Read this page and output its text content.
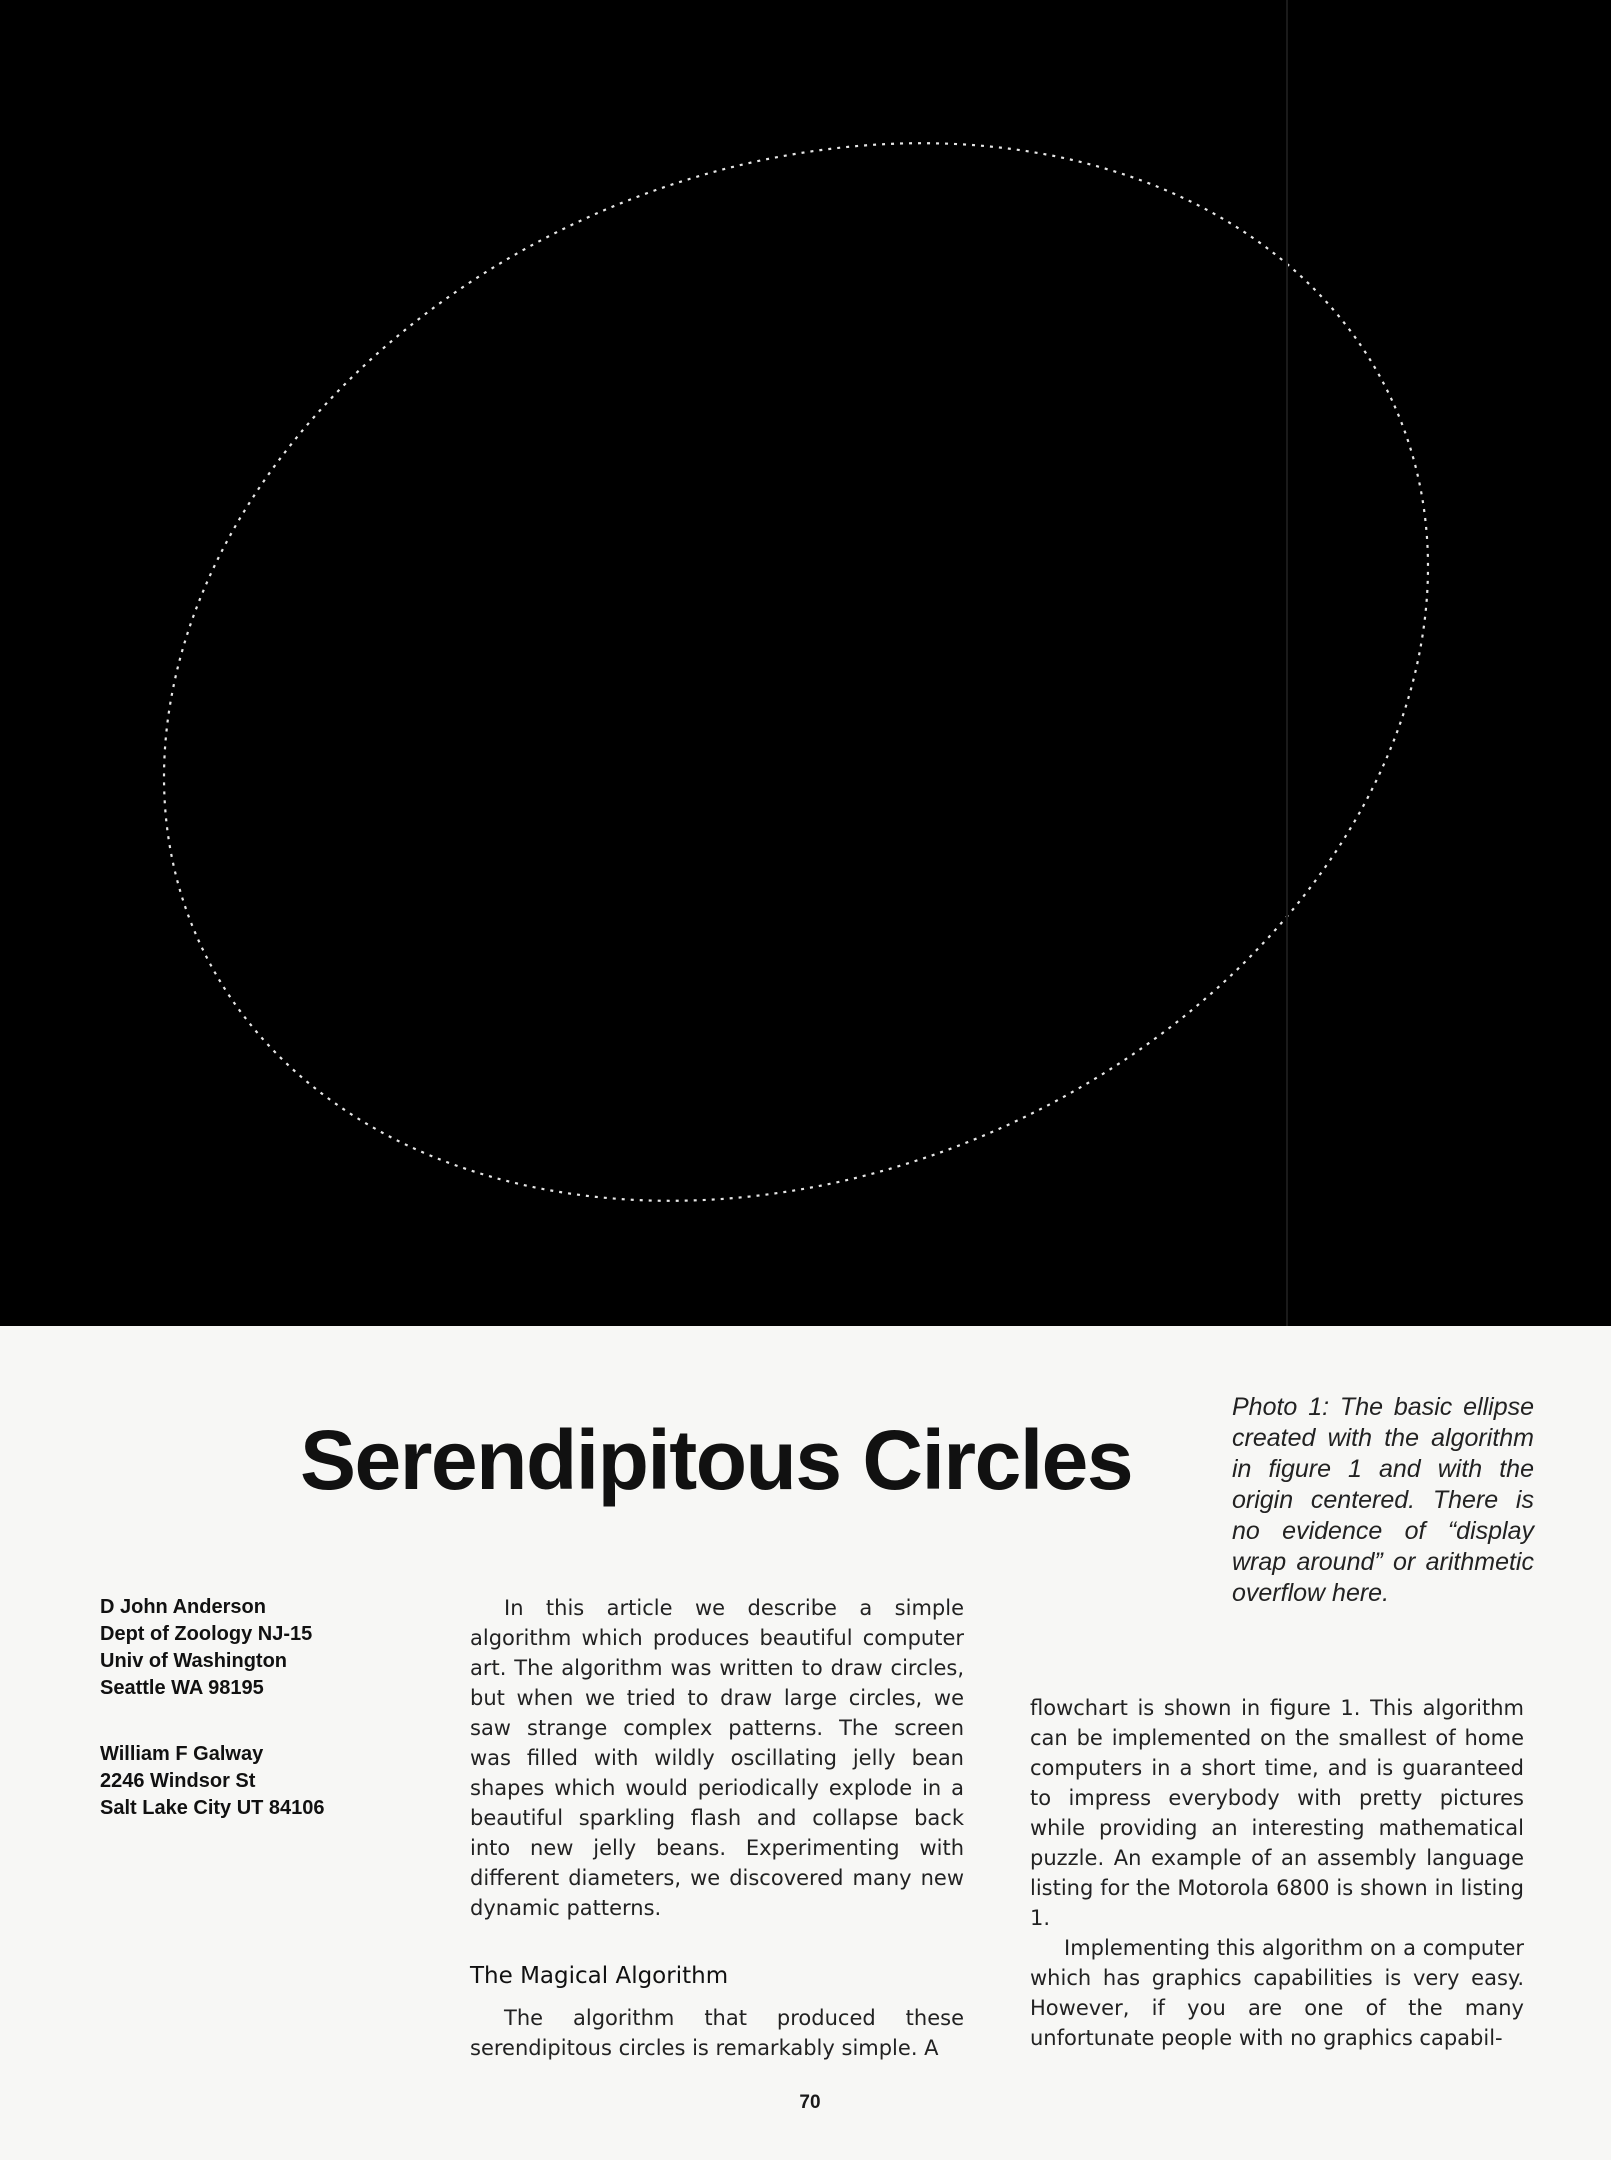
Serendipitous Circles
Photo 1: The basic ellipse created with the algorithm in figure 1 and with the origin centered. There is no evidence of “display wrap around” or arithmetic overflow here.
D John Anderson
Dept of Zoology NJ-15
Univ of Washington
Seattle WA 98195
William F Galway
2246 Windsor St
Salt Lake City UT 84106

In this article we describe a simple algorithm which produces beautiful computer art. The algorithm was written to draw circles, but when we tried to draw large circles, we saw strange complex patterns. The screen was filled with wildly oscillating jelly bean shapes which would periodically explode in a beautiful sparkling flash and collapse back into new jelly beans. Experimenting with different diameters, we discovered many new dynamic patterns.

The Magical Algorithm

The algorithm that produced these serendipitous circles is remarkably simple. A

flowchart is shown in figure 1. This algorithm can be implemented on the smallest of home computers in a short time, and is guaranteed to impress everybody with pretty pictures while providing an interesting mathematical puzzle. An example of an assembly language listing for the Motorola 6800 is shown in listing 1.

Implementing this algorithm on a computer which has graphics capabilities is very easy. However, if you are one of the many unfortunate people with no graphics capabil-

70
